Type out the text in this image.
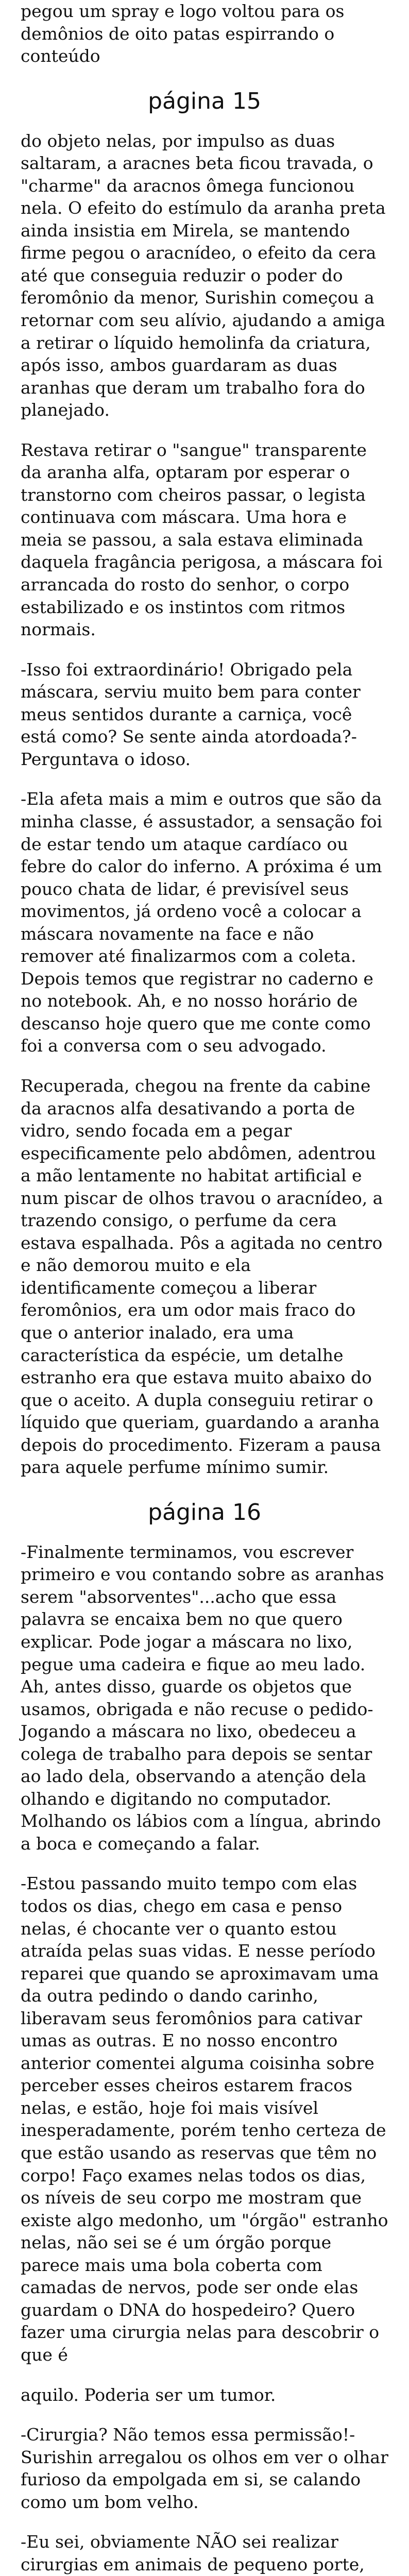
pegou um spray e logo voltou para os demônios de oito patas espirrando o conteúdo

página 15

do objeto nelas, por impulso as duas saltaram, a aracnes beta ficou travada, o "charme" da aracnos ômega funcionou nela. O efeito do estímulo da aranha preta ainda insistia em Mirela, se mantendo firme pegou o aracnídeo, o efeito da cera até que conseguia reduzir o poder do feromônio da menor, Surishin começou a retornar com seu alívio, ajudando a amiga a retirar o líquido hemolinfa da criatura, após isso, ambos guardaram as duas aranhas que deram um trabalho fora do planejado.

Restava retirar o "sangue" transparente da aranha alfa, optaram por esperar o transtorno com cheiros passar, o legista continuava com máscara. Uma hora e meia se passou, a sala estava eliminada daquela fragância perigosa, a máscara foi arrancada do rosto do senhor, o corpo estabilizado e os instintos com ritmos normais.

-Isso foi extraordinário! Obrigado pela máscara, serviu muito bem para conter meus sentidos durante a carniça, você está como? Se sente ainda atordoada?- Perguntava o idoso.

-Ela afeta mais a mim e outros que são da minha classe, é assustador, a sensação foi de estar tendo um ataque cardíaco ou febre do calor do inferno. A próxima é um pouco chata de lidar, é previsível seus movimentos, já ordeno você a colocar a máscara novamente na face e não remover até finalizarmos com a coleta. Depois temos que registrar no caderno e no notebook. Ah, e no nosso horário de descanso hoje quero que me conte como foi a conversa com o seu advogado.

Recuperada, chegou na frente da cabine da aracnos alfa desativando a porta de vidro, sendo focada em a pegar especificamente pelo abdômen, adentrou a mão lentamente no habitat artificial e num piscar de olhos travou o aracnídeo, a trazendo consigo, o perfume da cera estava espalhada. Pôs a agitada no centro e não demorou muito e ela identificamente começou a liberar feromônios, era um odor mais fraco do que o anterior inalado, era uma característica da espécie, um detalhe estranho era que estava muito abaixo do que o aceito. A dupla conseguiu retirar o líquido que queriam, guardando a aranha depois do procedimento. Fizeram a pausa para aquele perfume mínimo sumir.

página 16

-Finalmente terminamos, vou escrever primeiro e vou contando sobre as aranhas serem "absorventes"...acho que essa palavra se encaixa bem no que quero explicar. Pode jogar a máscara no lixo, pegue uma cadeira e fique ao meu lado. Ah, antes disso, guarde os objetos que usamos, obrigada e não recuse o pedido- Jogando a máscara no lixo, obedeceu a colega de trabalho para depois se sentar ao lado dela, observando a atenção dela olhando e digitando no computador. Molhando os lábios com a língua, abrindo a boca e começando a falar.

-Estou passando muito tempo com elas todos os dias, chego em casa e penso nelas, é chocante ver o quanto estou atraída pelas suas vidas. E nesse período reparei que quando se aproximavam uma da outra pedindo o dando carinho, liberavam seus feromônios para cativar umas as outras. E no nosso encontro anterior comentei alguma coisinha sobre perceber esses cheiros estarem fracos nelas, e estão, hoje foi mais visível inesperadamente, porém tenho certeza de que estão usando as reservas que têm no corpo! Faço exames nelas todos os dias, os níveis de seu corpo me mostram que existe algo medonho, um "órgão" estranho nelas, não sei se é um órgão porque parece mais uma bola coberta com camadas de nervos, pode ser onde elas guardam o DNA do hospedeiro? Quero fazer uma cirurgia nelas para descobrir o que é

aquilo. Poderia ser um tumor.

-Cirurgia? Não temos essa permissão!- Surishin arregalou os olhos em ver o olhar furioso da empolgada em si, se calando como um bom velho.

-Eu sei, obviamente NÃO sei realizar cirurgias em animais de pequeno porte,
